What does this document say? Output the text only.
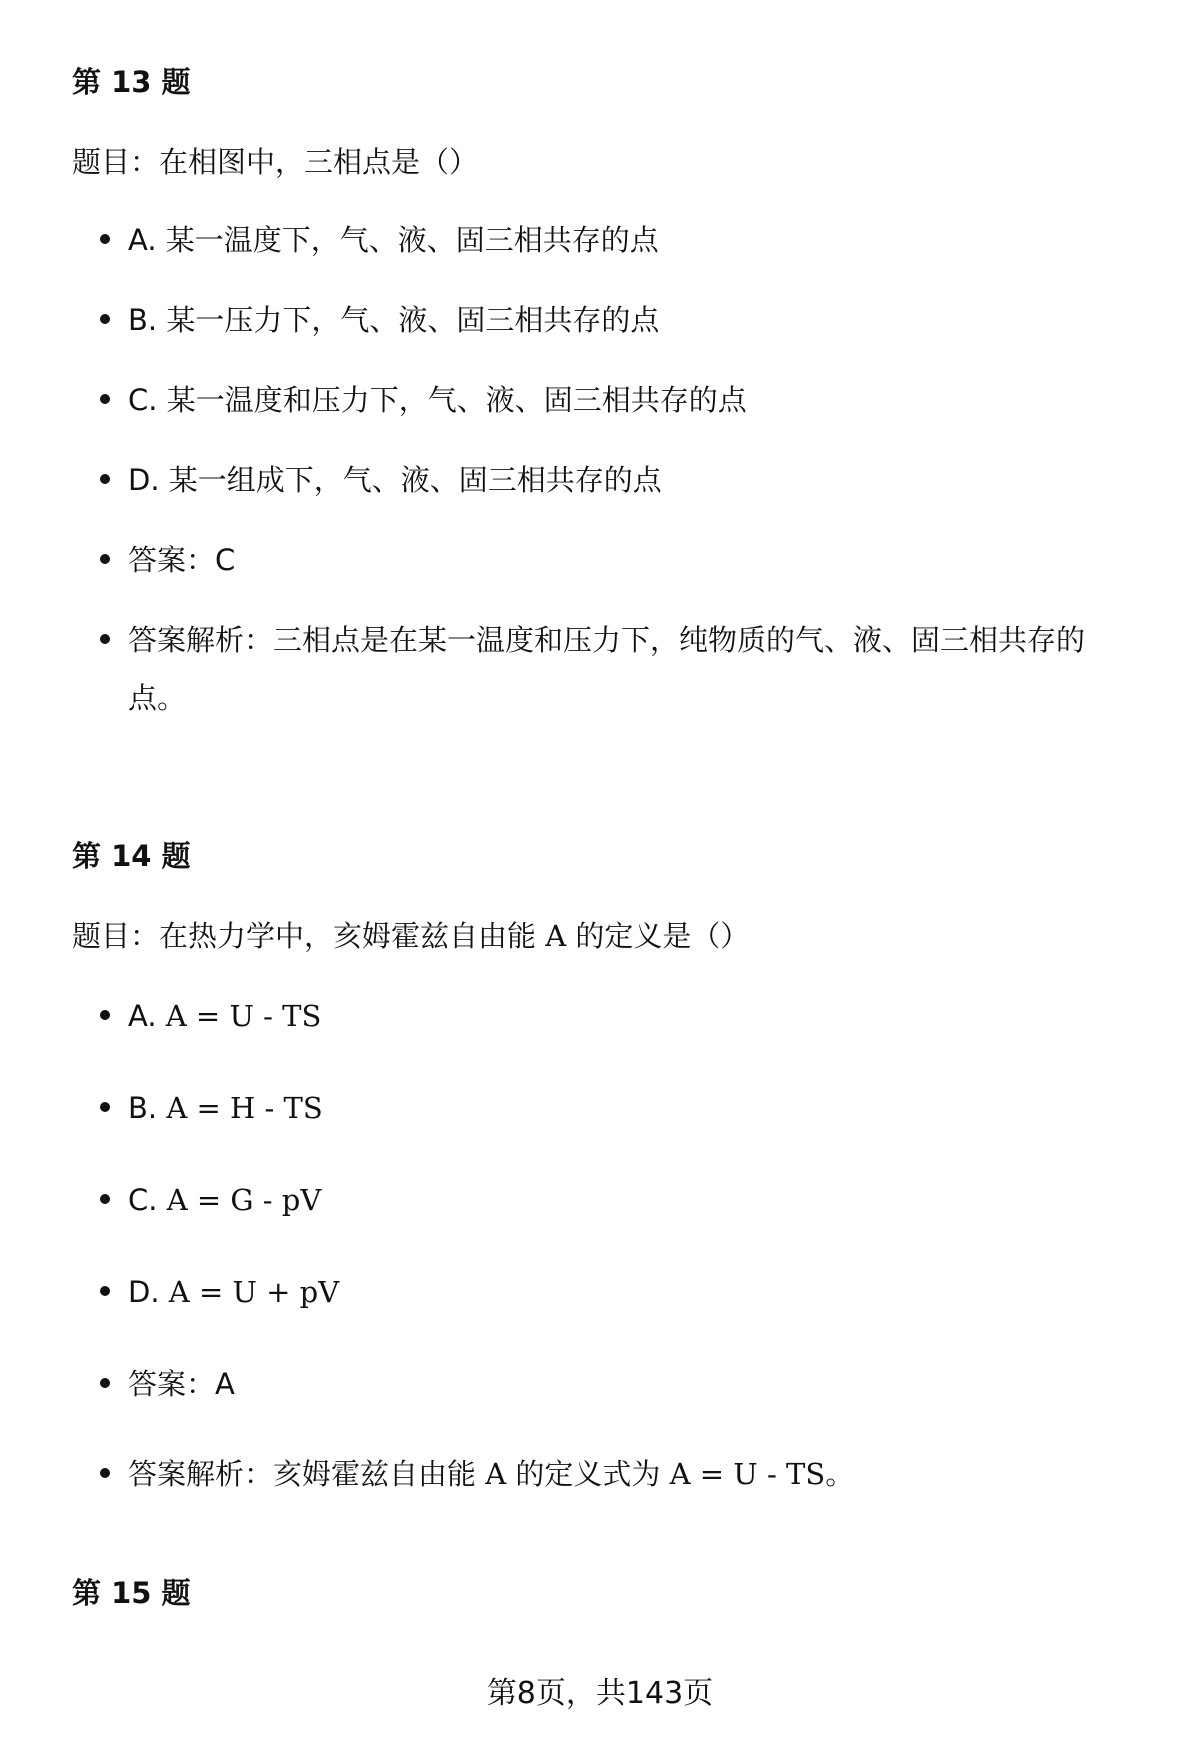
第 13 题
题目：在相图中，三相点是（）
A. 某一温度下，气、液、固三相共存的点
B. 某一压力下，气、液、固三相共存的点
C. 某一温度和压力下，气、液、固三相共存的点
D. 某一组成下，气、液、固三相共存的点
答案：C
答案解析：三相点是在某一温度和压力下，纯物质的气、液、固三相共存的
点。
第 14 题
题目：在热力学中，亥姆霍兹自由能 A 的定义是（）
A. A = U - TS
B. A = H - TS
C. A = G - pV
D. A = U + pV
答案：A
答案解析：亥姆霍兹自由能 A 的定义式为 A = U - TS。
第 15 题
第8页，共143页
